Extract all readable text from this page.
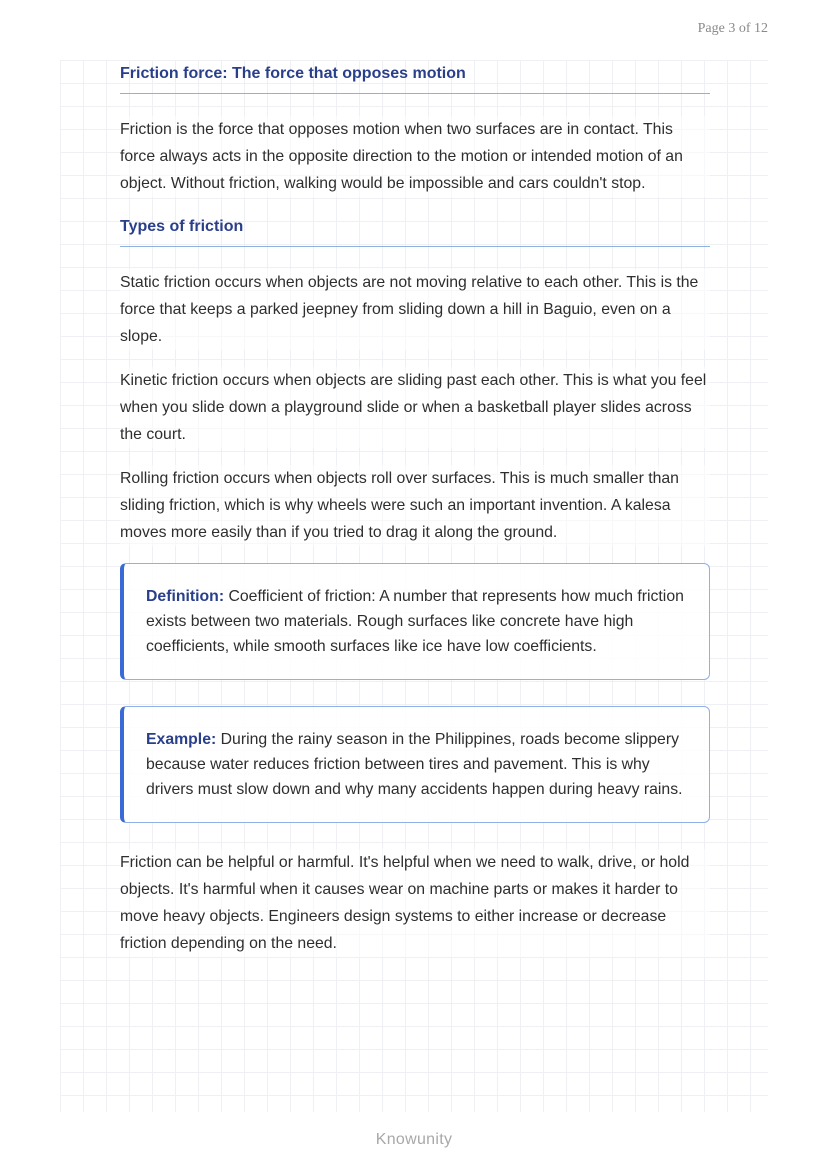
Page 3 of 12
Friction force: The force that opposes motion

Friction is the force that opposes motion when two surfaces are in contact. This force always acts in the opposite direction to the motion or intended motion of an object. Without friction, walking would be impossible and cars couldn't stop.

Types of friction

Static friction occurs when objects are not moving relative to each other. This is the force that keeps a parked jeepney from sliding down a hill in Baguio, even on a slope.

Kinetic friction occurs when objects are sliding past each other. This is what you feel when you slide down a playground slide or when a basketball player slides across the court.

Rolling friction occurs when objects roll over surfaces. This is much smaller than sliding friction, which is why wheels were such an important invention. A kalesa moves more easily than if you tried to drag it along the ground.

Definition: Coefficient of friction: A number that represents how much friction exists between two materials. Rough surfaces like concrete have high coefficients, while smooth surfaces like ice have low coefficients.

Example: During the rainy season in the Philippines, roads become slippery because water reduces friction between tires and pavement. This is why drivers must slow down and why many accidents happen during heavy rains.

Friction can be helpful or harmful. It's helpful when we need to walk, drive, or hold objects. It's harmful when it causes wear on machine parts or makes it harder to move heavy objects. Engineers design systems to either increase or decrease friction depending on the need.

Knowunity
